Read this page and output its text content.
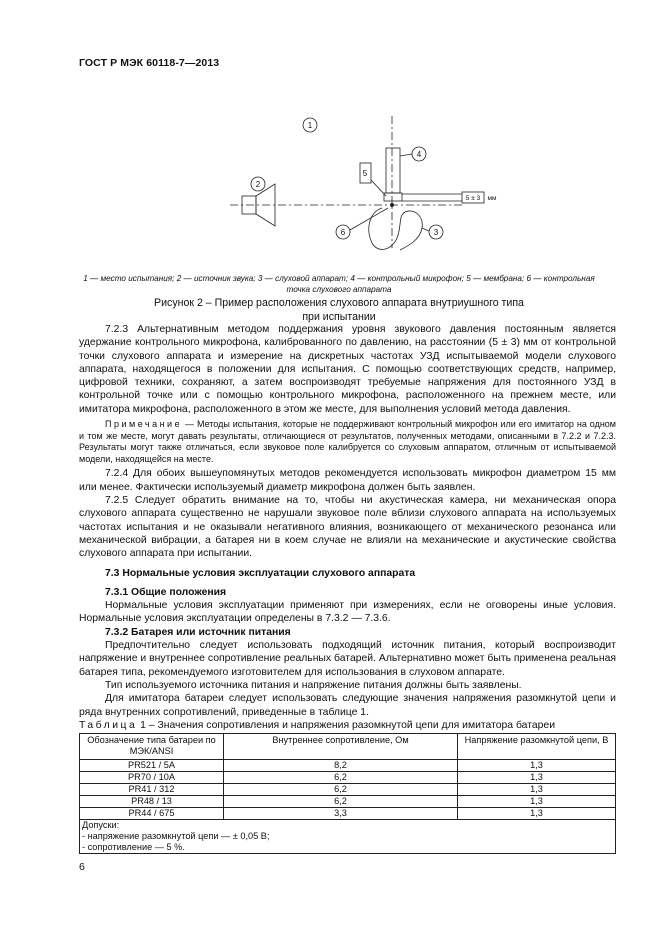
ГОСТ Р МЭК 60118-7—2013
1
2
3
4
5
6
5 ± 3 мм
1 — место испытания; 2 — источник звука; 3 — слуховой аппарат; 4 — контрольный микрофон; 5 — мембрана; 6 — контрольная точка слухового аппарата
Рисунок 2 – Пример расположения слухового аппарата внутриушного типа
при испытании

7.2.3 Альтернативным методом поддержания уровня звукового давления постоянным является удержание контрольного микрофона, калиброванного по давлению, на расстоянии (5 ± 3) мм от контрольной точки слухового аппарата и измерение на дискретных частотах УЗД испытываемой модели слухового аппарата, находящегося в положении для испытания. С помощью соответствующих средств, например, цифровой техники, сохраняют, а затем воспроизводят требуемые напряжения для постоянного УЗД в контрольной точке или с помощью контрольного микрофона, расположенного на прежнем месте, или имитатора микрофона, расположенного в этом же месте, для выполнения условий метода давления.

Примечание — Методы испытания, которые не поддерживают контрольный микрофон или его имитатор на одном и том же месте, могут давать результаты, отличающиеся от результатов, полученных методами, описанными в 7.2.2 и 7.2.3. Результаты могут также отличаться, если звуковое поле калибруется со слуховым аппаратом, отличным от испытываемой модели, находящейся на месте.

7.2.4 Для обоих вышеупомянутых методов рекомендуется использовать микрофон диаметром 15 мм или менее. Фактически используемый диаметр микрофона должен быть заявлен.

7.2.5 Следует обратить внимание на то, чтобы ни акустическая камера, ни механическая опора слухового аппарата существенно не нарушали звуковое поле вблизи слухового аппарата на используемых частотах испытания и не оказывали негативного влияния, возникающего от механического резонанса или механической вибрации, а батарея ни в коем случае не влияли на механические и акустические свойства слухового аппарата при испытании.

7.3 Нормальные условия эксплуатации слухового аппарата
7.3.1 Общие положения

Нормальные условия эксплуатации применяют при измерениях, если не оговорены иные условия. Нормальные условия эксплуатации определены в 7.3.2 — 7.3.6.

7.3.2 Батарея или источник питания

Предпочтительно следует использовать подходящий источник питания, который воспроизводит напряжение и внутреннее сопротивление реальных батарей. Альтернативно может быть применена реальная батарея типа, рекомендуемого изготовителем для использования в слуховом аппарате.

Тип используемого источника питания и напряжение питания должны быть заявлены.

Для имитатора батареи следует использовать следующие значения напряжения разомкнутой цепи и ряда внутренних сопротивлений, приведенные в таблице 1.

Таблица 1 – Значения сопротивления и напряжения разомкнутой цепи для имитатора батареи

Обозначение типа батареи по МЭК/ANSI	Внутреннее сопротивление, Ом	Напряжение разомкнутой цепи, В
PR521 / 5A	8,2	1,3
PR70 / 10A	6,2	1,3
PR41 / 312	6,2	1,3
PR48 / 13	6,2	1,3
PR44 / 675	3,3	1,3

Допуски:
- напряжение разомкнутой цепи — ± 0,05 В;
- сопротивление — 5 %.		
6
